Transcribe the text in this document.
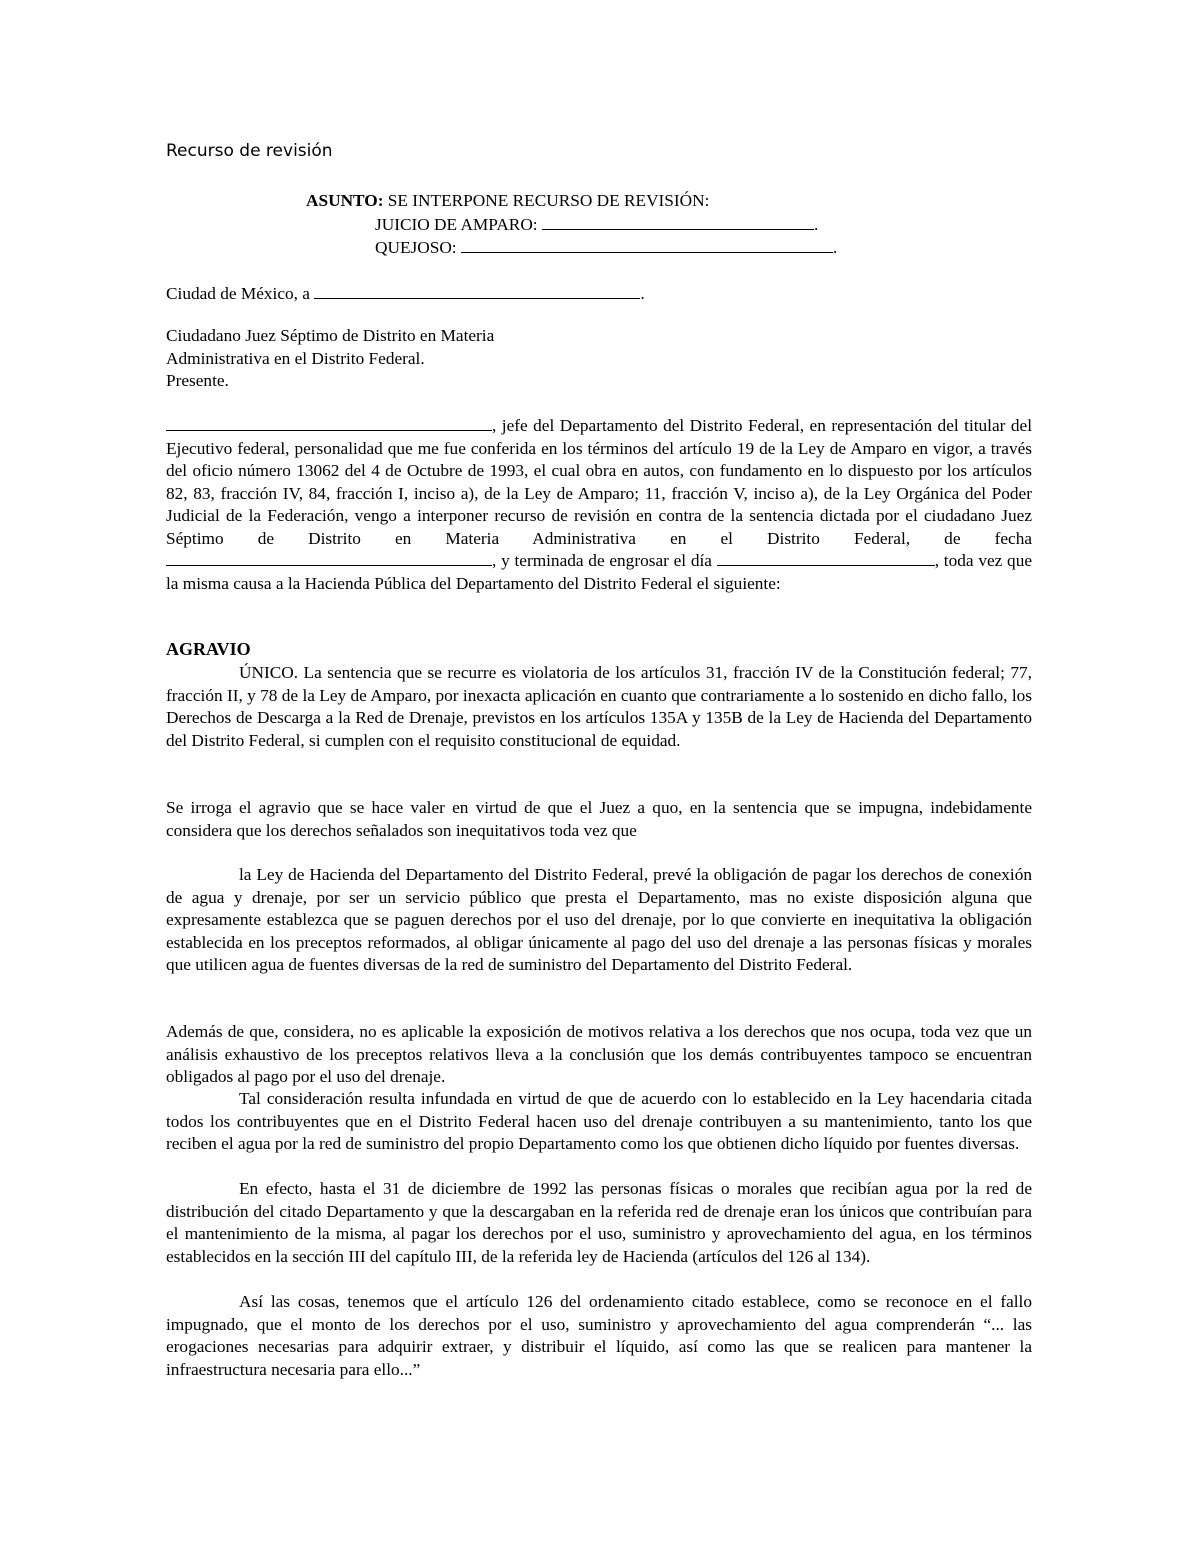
Recurso de revisión
ASUNTO: SE INTERPONE RECURSO DE REVISIÓN:
JUICIO DE AMPARO:	.
QUEJOSO:	.
Ciudad de México, a	.
Ciudadano Juez Séptimo de Distrito en Materia
Administrativa en el Distrito Federal.
Presente.
, jefe del Departamento del Distrito Federal, en representación del titular del Ejecutivo federal, personalidad que me fue conferida en los términos del artículo 19 de la Ley de Amparo en vigor, a través del oficio número 13062 del 4 de Octubre de 1993, el cual obra en autos, con fundamento en lo dispuesto por los artículos 82, 83, fracción IV, 84, fracción I, inciso a), de la Ley de Amparo; 11, fracción V, inciso a), de la Ley Orgánica del Poder Judicial de la Federación, vengo a interponer recurso de revisión en contra de la sentencia dictada por el ciudadano Juez Séptimo de Distrito en Materia Administrativa en el Distrito Federal, de fecha , y terminada de engrosar el día	, toda vez que la misma causa a la Hacienda Pública del Departamento del Distrito Federal el siguiente:
AGRAVIO
ÚNICO. La sentencia que se recurre es violatoria de los artículos 31, fracción IV de la Constitución federal; 77, fracción II, y 78 de la Ley de Amparo, por inexacta aplicación en cuanto que contrariamente a lo sostenido en dicho fallo, los Derechos de Descarga a la Red de Drenaje, previstos en los artículos 135A y 135B de la Ley de Hacienda del Departamento del Distrito Federal, si cumplen con el requisito constitucional de equidad.
Se irroga el agravio que se hace valer en virtud de que el Juez a quo, en la sentencia que se impugna, indebidamente considera que los derechos señalados son inequitativos toda vez que
la Ley de Hacienda del Departamento del Distrito Federal, prevé la obligación de pagar los derechos de conexión de agua y drenaje, por ser un servicio público que presta el Departamento, mas no existe disposición alguna que expresamente establezca que se paguen derechos por el uso del drenaje, por lo que convierte en inequitativa la obligación establecida en los preceptos reformados, al obligar únicamente al pago del uso del drenaje a las personas físicas y morales que utilicen agua de fuentes diversas de la red de suministro del Departamento del Distrito Federal.
Además de que, considera, no es aplicable la exposición de motivos relativa a los derechos que nos ocupa, toda vez que un análisis exhaustivo de los preceptos relativos lleva a la conclusión que los demás contribuyentes tampoco se encuentran obligados al pago por el uso del drenaje.
Tal consideración resulta infundada en virtud de que de acuerdo con lo establecido en la Ley hacendaria citada todos los contribuyentes que en el Distrito Federal hacen uso del drenaje contribuyen a su mantenimiento, tanto los que reciben el agua por la red de suministro del propio Departamento como los que obtienen dicho líquido por fuentes diversas.
En efecto, hasta el 31 de diciembre de 1992 las personas físicas o morales que recibían agua por la red de distribución del citado Departamento y que la descargaban en la referida red de drenaje eran los únicos que contribuían para el mantenimiento de la misma, al pagar los derechos por el uso, suministro y aprovechamiento del agua, en los términos establecidos en la sección III del capítulo III, de la referida ley de Hacienda (artículos del 126 al 134).
Así las cosas, tenemos que el artículo 126 del ordenamiento citado establece, como se reconoce en el fallo impugnado, que el monto de los derechos por el uso, suministro y aprovechamiento del agua comprenderán “... las erogaciones necesarias para adquirir extraer, y distribuir el líquido, así como las que se realicen para mantener la infraestructura necesaria para ello...”
